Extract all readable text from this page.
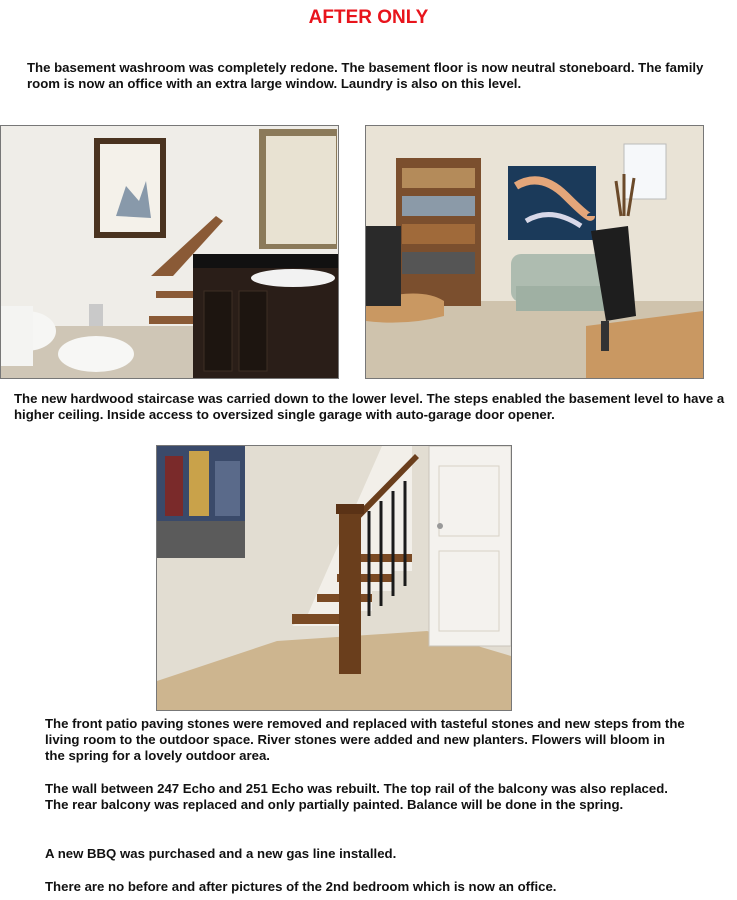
AFTER ONLY
The basement washroom was completely redone. The basement floor is now neutral stoneboard. The family room is now an office with an extra large window. Laundry is also on this level.
The new hardwood staircase was carried down to the lower level. The steps enabled the basement level to have a higher ceiling. Inside access to oversized single garage with auto-garage door opener.
The front patio paving stones were removed and replaced with tasteful stones and new steps from the living room to the outdoor space. River stones were added and new planters. Flowers will bloom in the spring for a lovely outdoor area.
The wall between 247 Echo and 251 Echo was rebuilt. The top rail of the balcony was also replaced. The rear balcony was replaced and only partially painted. Balance will be done in the spring.
A new BBQ was purchased and a new gas line installed.
There are no before and after pictures of the 2nd bedroom which is now an office.
